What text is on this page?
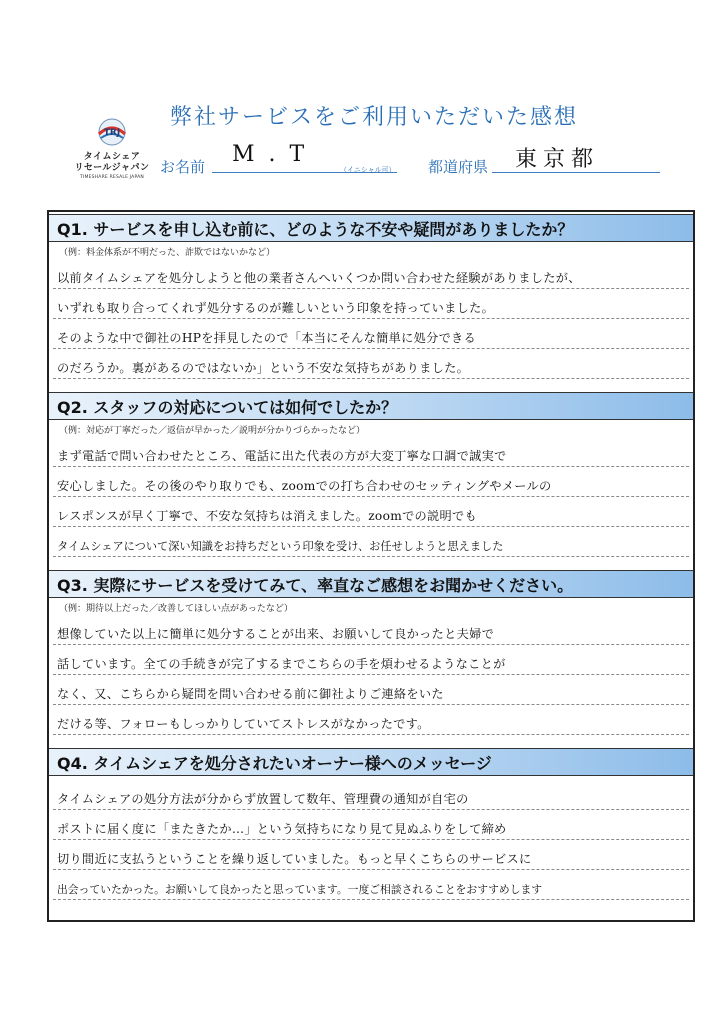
TRJ
タイムシェア
リセールジャパン
TIMESHARE RESALE JAPAN
弊社サービスをご利用いただいた感想
お名前 M.T
（イニシャル可） 都道府県 東京都
Q1. サービスを申し込む前に、どのような不安や疑問がありましたか？
（例：料金体系が不明だった、詐欺ではないかなど）
以前タイムシェアを処分しようと他の業者さんへいくつか問い合わせた経験がありましたが、
いずれも取り合ってくれず処分するのが難しいという印象を持っていました。
そのような中で御社のHPを拝見したので「本当にそんな簡単に処分できる
のだろうか。裏があるのではないか」という不安な気持ちがありました。
Q2. スタッフの対応については如何でしたか？
（例：対応が丁寧だった／返信が早かった／説明が分かりづらかったなど）
まず電話で問い合わせたところ、電話に出た代表の方が大変丁寧な口調で誠実で
安心しました。その後のやり取りでも、zoomでの打ち合わせのセッティングやメールの
レスポンスが早く丁寧で、不安な気持ちは消えました。zoomでの説明でも
タイムシェアについて深い知識をお持ちだという印象を受け、お任せしようと思えました
Q3. 実際にサービスを受けてみて、率直なご感想をお聞かせください。
（例：期待以上だった／改善してほしい点があったなど）
想像していた以上に簡単に処分することが出来、お願いして良かったと夫婦で
話しています。全ての手続きが完了するまでこちらの手を煩わせるようなことが
なく、又、こちらから疑問を問い合わせる前に御社よりご連絡をいた
だける等、フォローもしっかりしていてストレスがなかったです。
Q4. タイムシェアを処分されたいオーナー様へのメッセージ
タイムシェアの処分方法が分からず放置して数年、管理費の通知が自宅の
ポストに届く度に「またきたか…」という気持ちになり見て見ぬふりをして締め
切り間近に支払うということを繰り返していました。もっと早くこちらのサービスに
出会っていたかった。お願いして良かったと思っています。一度ご相談されることをおすすめします
